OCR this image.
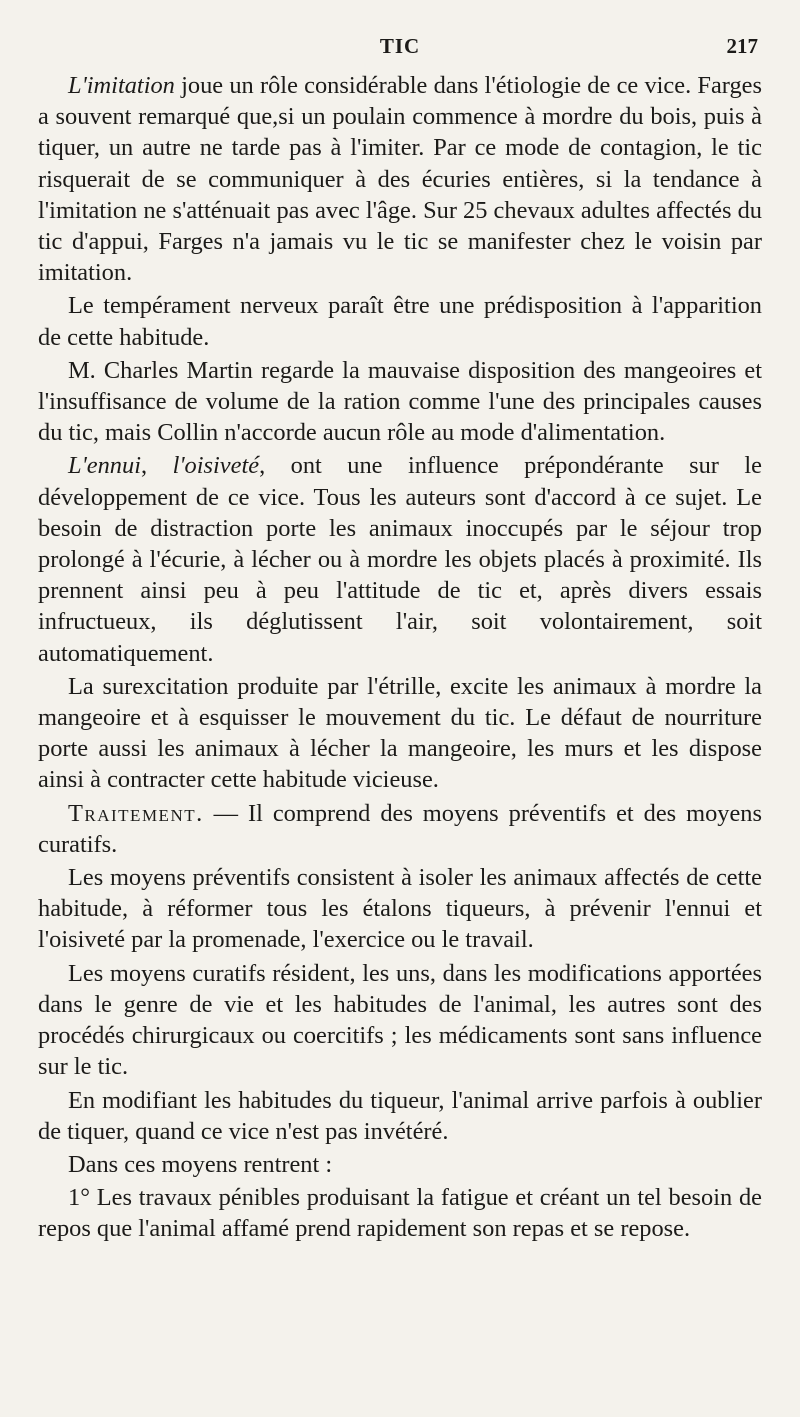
TIC	217

L'imitation joue un rôle considérable dans l'étiologie de ce vice. Farges a souvent remarqué que,si un poulain commence à mordre du bois, puis à tiquer, un autre ne tarde pas à l'imiter. Par ce mode de contagion, le tic risquerait de se communiquer à des écuries entières, si la tendance à l'imitation ne s'atténuait pas avec l'âge. Sur 25 chevaux adultes affectés du tic d'appui, Farges n'a jamais vu le tic se manifester chez le voisin par imitation.

Le tempérament nerveux paraît être une prédisposition à l'apparition de cette habitude.

M. Charles Martin regarde la mauvaise disposition des mangeoires et l'insuffisance de volume de la ration comme l'une des principales causes du tic, mais Collin n'accorde aucun rôle au mode d'alimentation.

L'ennui, l'oisiveté, ont une influence prépondérante sur le développement de ce vice. Tous les auteurs sont d'accord à ce sujet. Le besoin de distraction porte les animaux inoccupés par le séjour trop prolongé à l'écurie, à lécher ou à mordre les objets placés à proximité. Ils prennent ainsi peu à peu l'attitude de tic et, après divers essais infructueux, ils déglutissent l'air, soit volontairement, soit automatiquement.

La surexcitation produite par l'étrille, excite les animaux à mordre la mangeoire et à esquisser le mouvement du tic. Le défaut de nourriture porte aussi les animaux à lécher la mangeoire, les murs et les dispose ainsi à contracter cette habitude vicieuse.

Traitement. — Il comprend des moyens préventifs et des moyens curatifs.

Les moyens préventifs consistent à isoler les animaux affectés de cette habitude, à réformer tous les étalons tiqueurs, à prévenir l'ennui et l'oisiveté par la promenade, l'exercice ou le travail.

Les moyens curatifs résident, les uns, dans les modifications apportées dans le genre de vie et les habitudes de l'animal, les autres sont des procédés chirurgicaux ou coercitifs ; les médicaments sont sans influence sur le tic.

En modifiant les habitudes du tiqueur, l'animal arrive parfois à oublier de tiquer, quand ce vice n'est pas invétéré.

Dans ces moyens rentrent :

1° Les travaux pénibles produisant la fatigue et créant un tel besoin de repos que l'animal affamé prend rapidement son repas et se repose.
